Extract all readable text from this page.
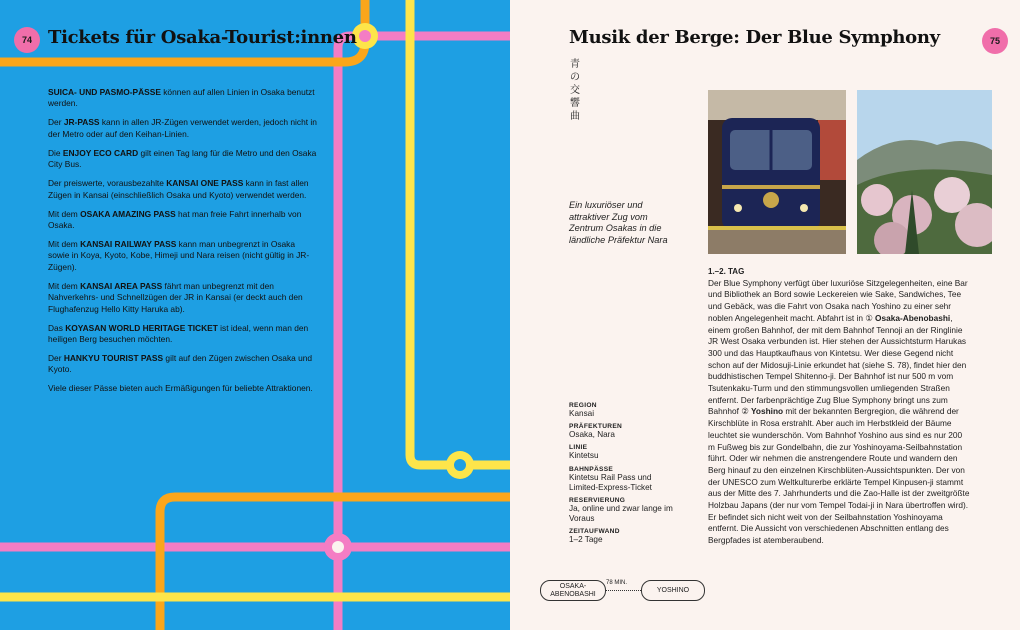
74 Tickets für Osaka-Tourist:innen

SUICA- UND PASMO-PÄSSE können auf allen Linien in Osaka benutzt werden.

Der JR-PASS kann in allen JR-Zügen verwendet werden, jedoch nicht in der Metro oder auf den Keihan-Linien.

Die ENJOY ECO CARD gilt einen Tag lang für die Metro und den Osaka City Bus.

Der preiswerte, vorausbezahlte KANSAI ONE PASS kann in fast allen Zügen in Kansai (einschließlich Osaka und Kyoto) verwendet werden.

Mit dem OSAKA AMAZING PASS hat man freie Fahrt innerhalb von Osaka.

Mit dem KANSAI RAILWAY PASS kann man unbegrenzt in Osaka sowie in Koya, Kyoto, Kobe, Himeji und Nara reisen (nicht gültig in JR-Zügen).

Mit dem KANSAI AREA PASS fährt man unbegrenzt mit den Nahverkehrs- und Schnellzügen der JR in Kansai (er deckt auch den Flughafenzug Hello Kitty Haruka ab).

Das KOYASAN WORLD HERITAGE TICKET ist ideal, wenn man den heiligen Berg besuchen möchten.

Der HANKYU TOURIST PASS gilt auf den Zügen zwischen Osaka und Kyoto.

Viele dieser Pässe bieten auch Ermäßigungen für beliebte Attraktionen.

Musik der Berge: Der Blue Symphony	75
青
の
交
響
曲
Ein luxuriöser und attraktiver Zug vom Zentrum Osakas in die ländliche Präfektur Nara
REGION
Kansai
PRÄFEKTUREN
Osaka, Nara
LINIE
Kintetsu
BAHNPÄSSE
Kintetsu Rail Pass und Limited-Express-Ticket
RESERVIERUNG
Ja, online und zwar lange im Voraus
ZEITAUFWAND
1–2 Tage
1.–2. TAG
Der Blue Symphony verfügt über luxuriöse Sitzgelegenheiten, eine Bar und Bibliothek an Bord sowie Leckereien wie Sake, Sandwiches, Tee und Gebäck, was die Fahrt von Osaka nach Yoshino zu einer sehr noblen Angelegenheit macht. Abfahrt ist in ① Osaka-Abenobashi, einem großen Bahnhof, der mit dem Bahnhof Tennoji an der Ringlinie JR West Osaka verbunden ist. Hier stehen der Aussichtsturm Harukas 300 und das Hauptkaufhaus von Kintetsu. Wer diese Gegend nicht schon auf der Midosuji-Linie erkundet hat (siehe S. 78), findet hier den buddhistischen Tempel Shitenno-ji. Der Bahnhof ist nur 500 m vom Tsutenkaku-Turm und den stimmungsvollen umliegenden Straßen entfernt. Der farbenprächtige Zug Blue Symphony bringt uns zum Bahnhof ② Yoshino mit der bekannten Bergregion, die während der Kirschblüte in Rosa erstrahlt. Aber auch im Herbstkleid der Bäume leuchtet sie wunderschön. Vom Bahnhof Yoshino aus sind es nur 200 m Fußweg bis zur Gondelbahn, die zur Yoshinoyama-Seilbahnstation führt. Oder wir nehmen die anstrengendere Route und wandern den Berg hinauf zu den einzelnen Kirschblüten-Aussichtspunkten. Der von der UNESCO zum Weltkulturerbe erklärte Tempel Kinpusen-ji stammt aus der Mitte des 7. Jahrhunderts und die Zao-Halle ist der zweitgrößte Holzbau Japans (der nur vom Tempel Todai-ji in Nara übertroffen wird). Er befindet sich nicht weit von der Seilbahnstation Yoshinoyama entfernt. Die Aussicht von verschiedenen Abschnitten entlang des Bergpfades ist atemberaubend.
OSAKA-ABENOBASHI
78 MIN.
YOSHINO
